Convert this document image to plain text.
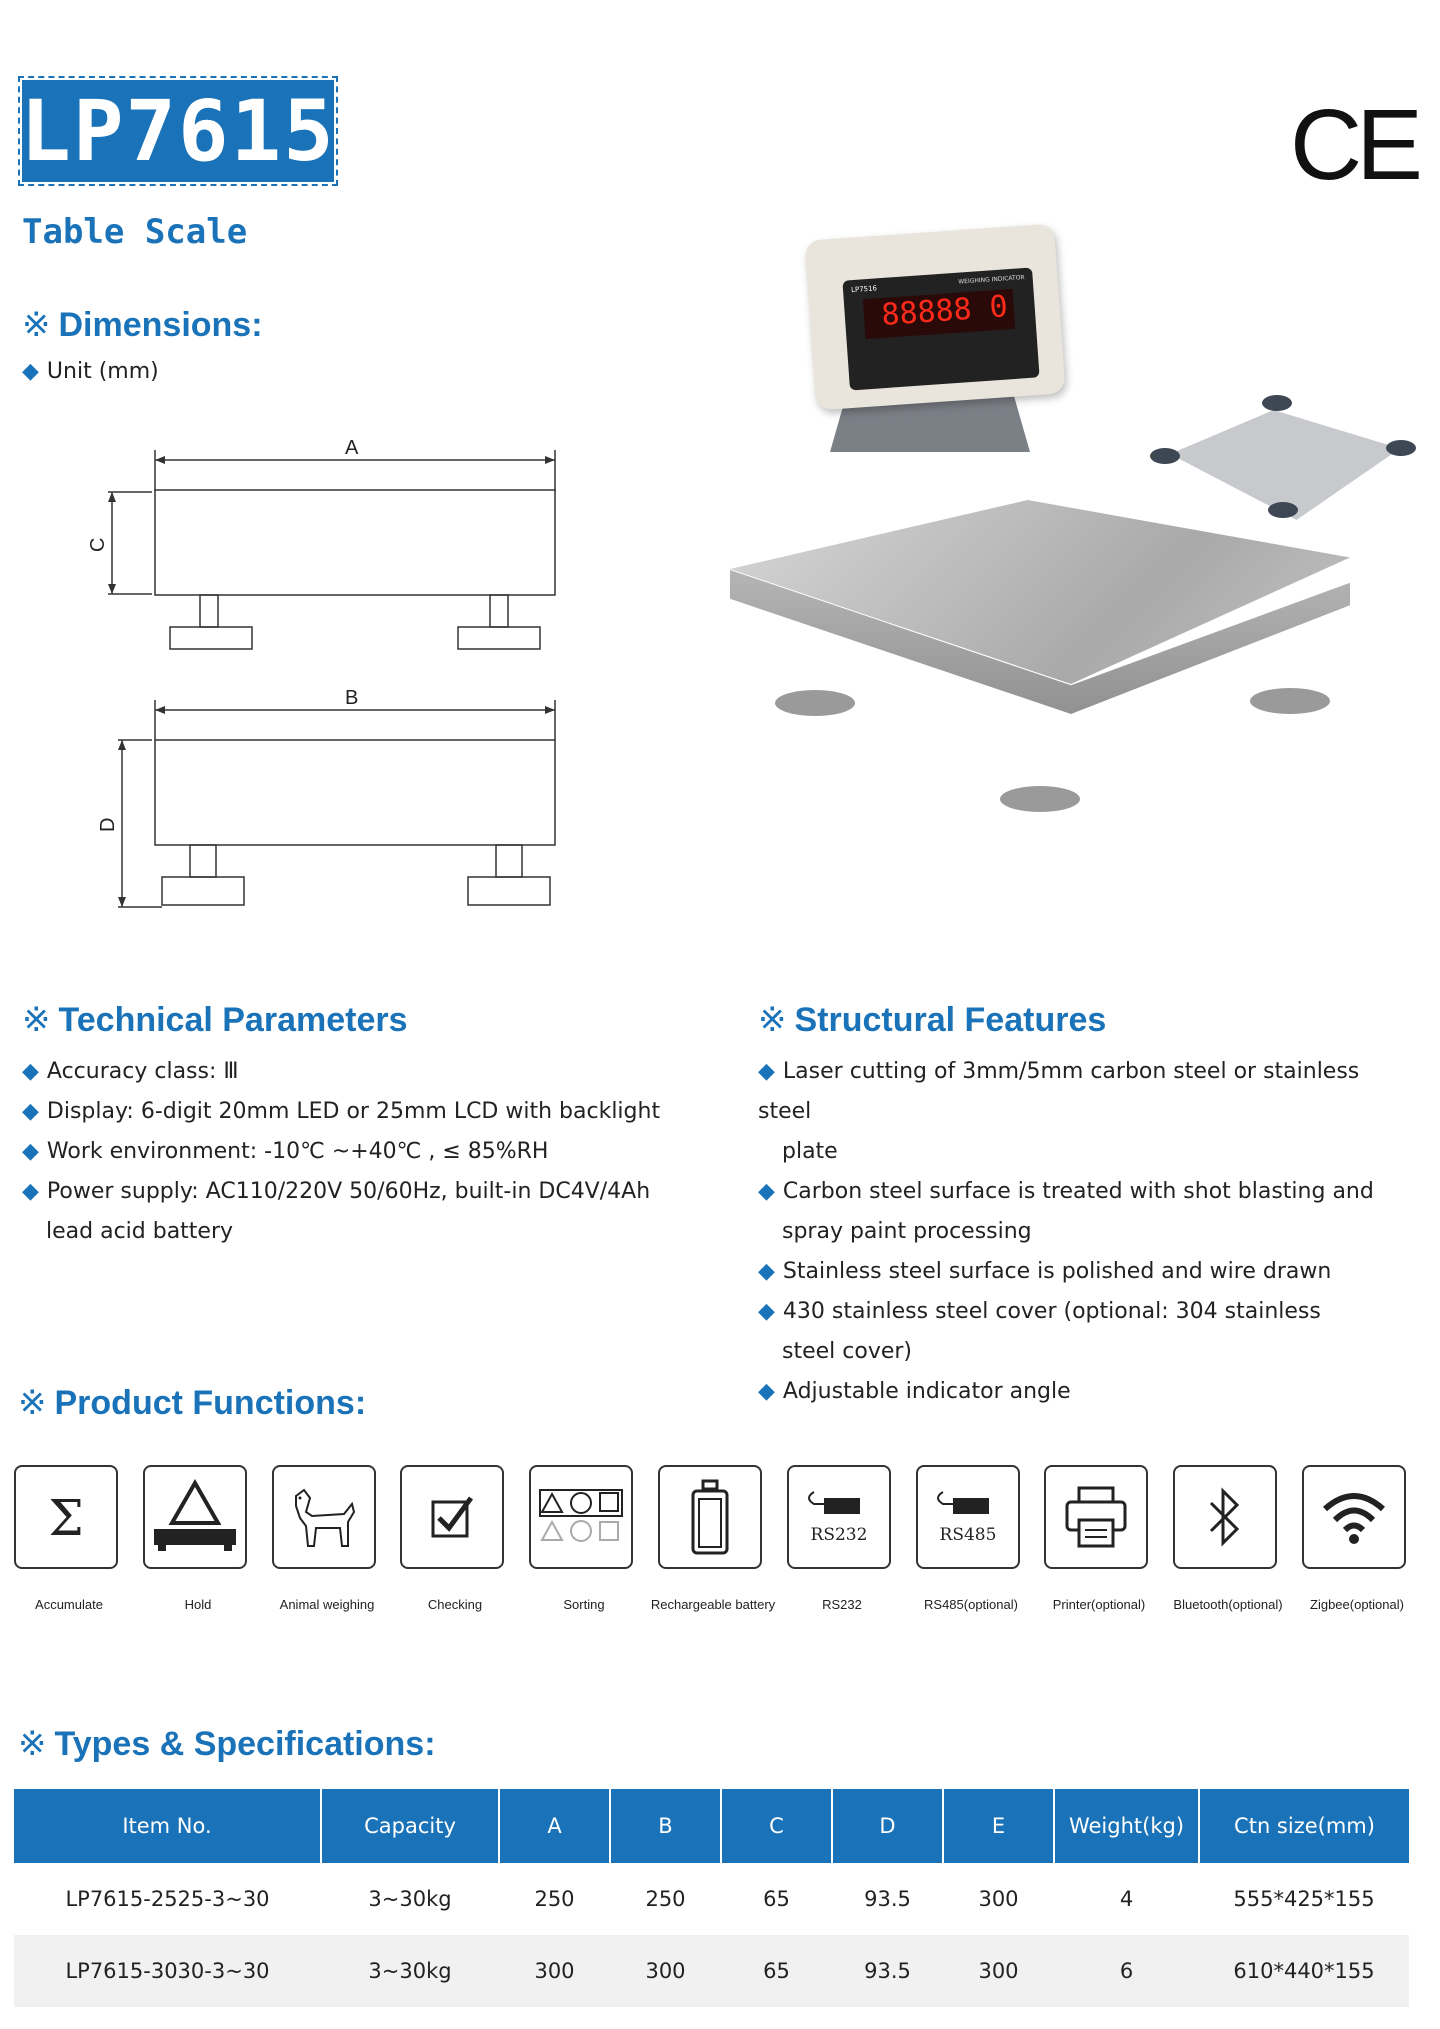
LP7615
Table Scale
CE
※ Dimensions:
◆ Unit (mm)
A
B
C
D
LP7516
WEIGHING INDICATOR
88888 0
※ Technical Parameters
◆ Accuracy class: Ⅲ
◆ Display: 6-digit 20mm LED or 25mm LCD with backlight
◆ Work environment: -10℃ ~+40℃ , ≤ 85%RH
◆ Power supply: AC110/220V 50/60Hz, built-in DC4V/4Ah
lead acid battery
※ Structural Features
◆ Laser cutting of 3mm/5mm carbon steel or stainless steel
plate
◆ Carbon steel surface is treated with shot blasting and
spray paint processing
◆ Stainless steel surface is polished and wire drawn
◆ 430 stainless steel cover (optional: 304 stainless
steel cover)
◆ Adjustable indicator angle
※ Product Functions:
Σ
Accumulate	Hold	Animal weighing	Checking	Sorting	Rechargeable battery
RS232
RS232
RS485
RS485(optional)	Printer(optional)	Bluetooth(optional)	Zigbee(optional)
※ Types & Specifications:
Item No.	Capacity	A	B	C	D	E	Weight(kg)	Ctn size(mm)
LP7615-2525-3~30	3~30kg	250	250	65	93.5	300	4	555*425*155
LP7615-3030-3~30	3~30kg	300	300	65	93.5	300	6	610*440*155
